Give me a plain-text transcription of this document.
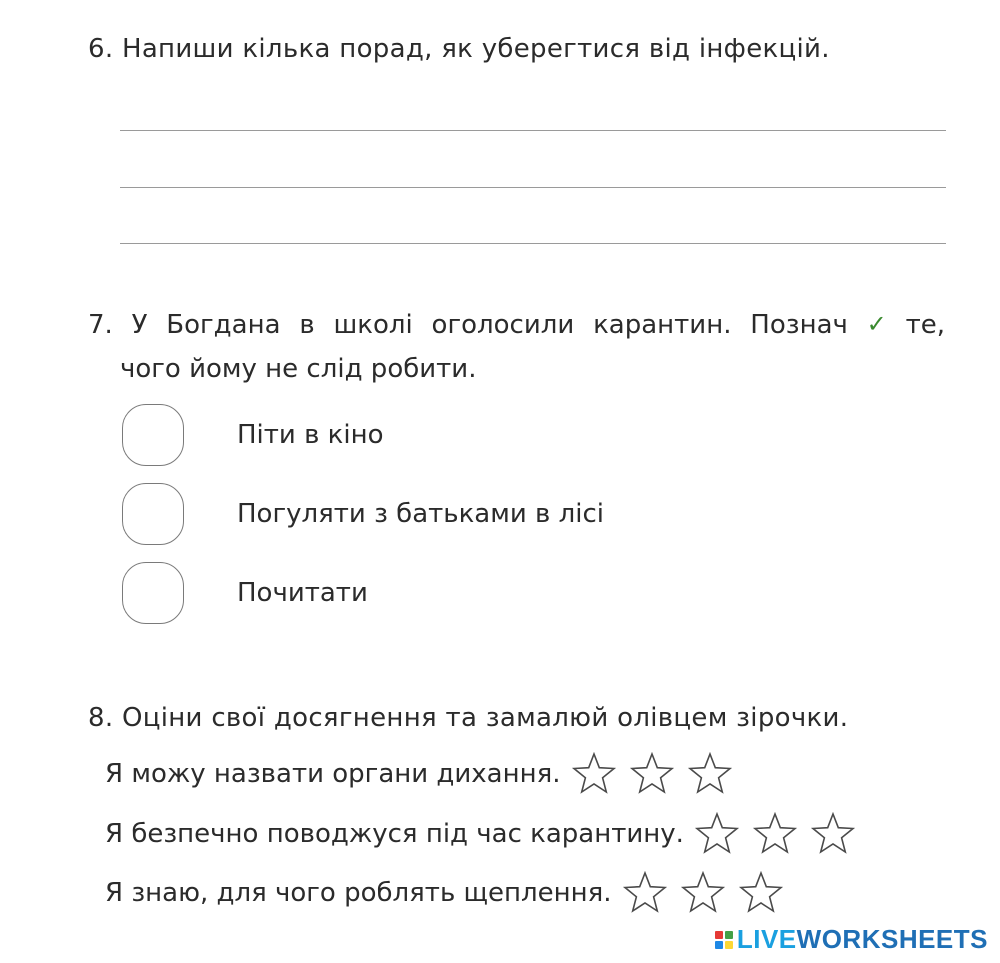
6. Напиши кілька порад, як уберегтися від інфекцій.
7. У Богдана в школі оголосили карантин. Познач ✓ те,
чого йому не слід робити.
Піти в кіно
Погуляти з батьками в лісі
Почитати
8. Оціни свої досягнення та замалюй олівцем зірочки.
Я можу назвати органи дихання.
Я безпечно поводжуся під час карантину.
Я знаю, для чого роблять щеплення.
LIVE WORKSHEETS
